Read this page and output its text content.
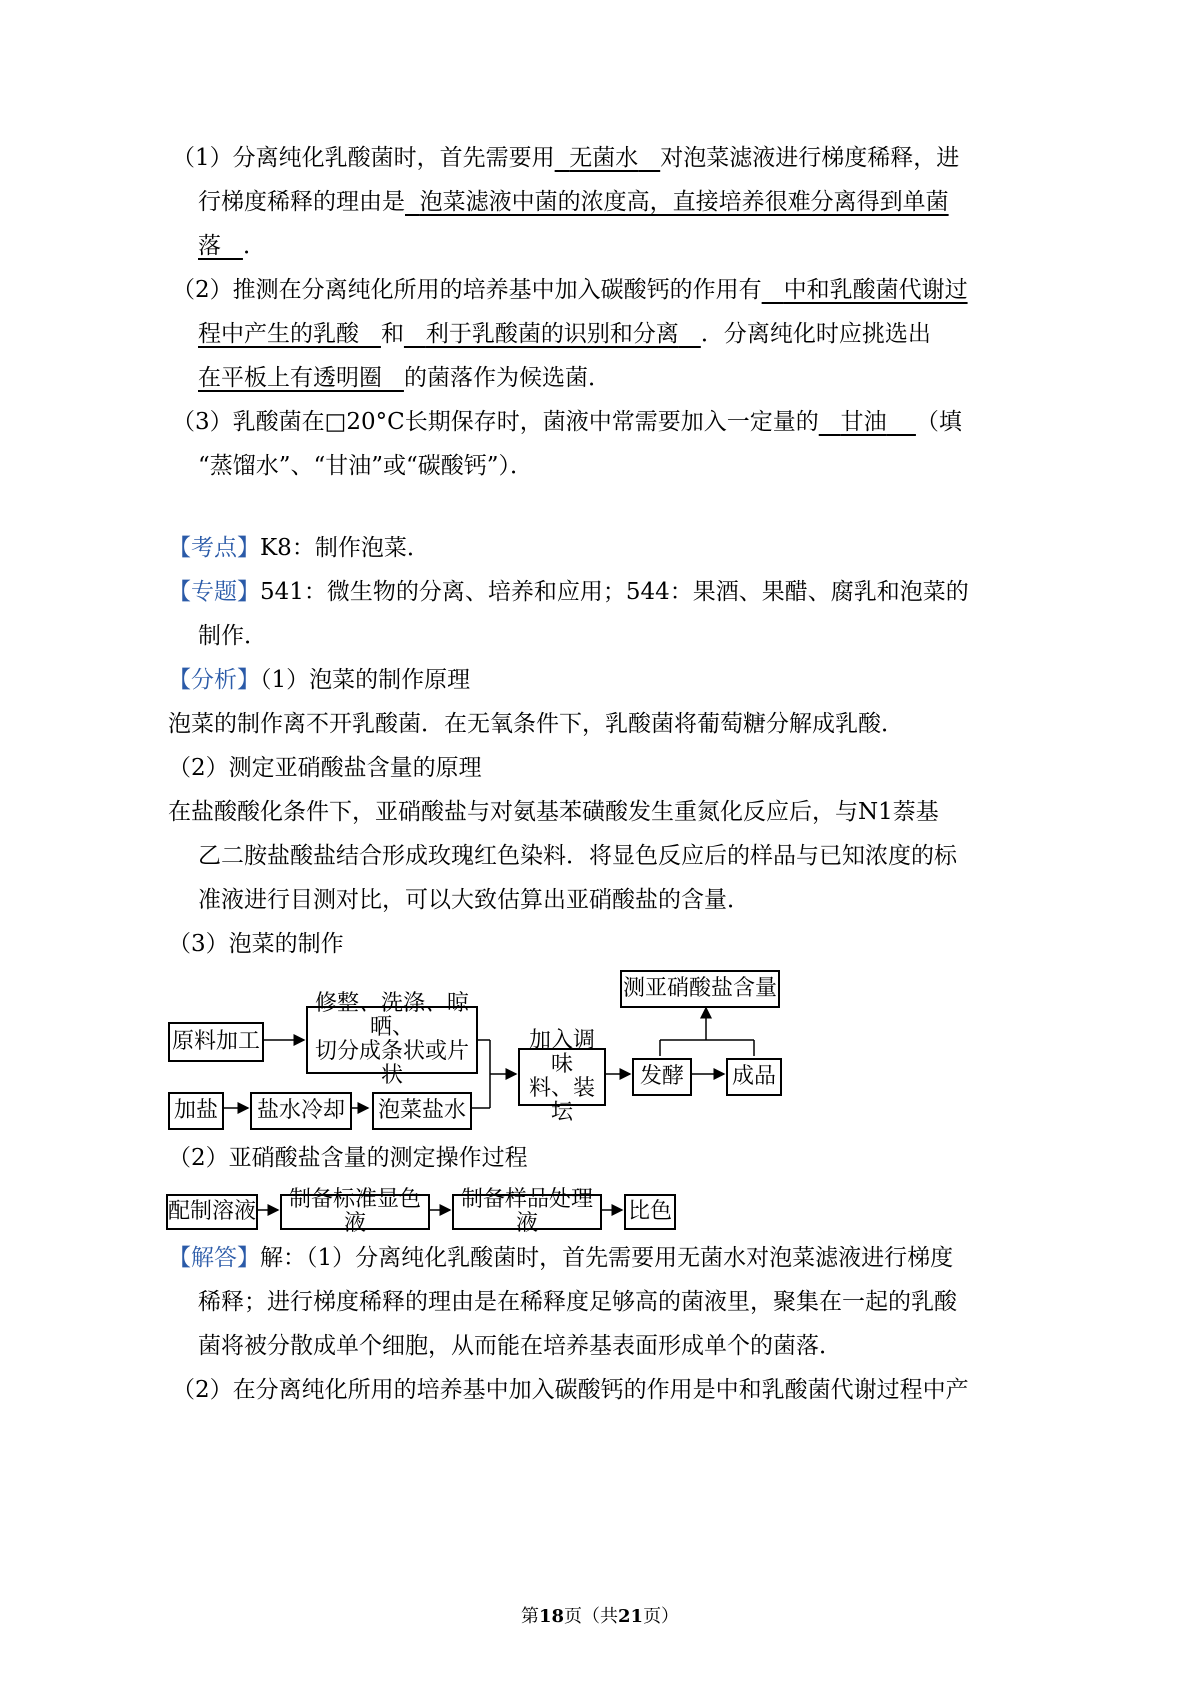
（1）分离纯化乳酸菌时，首先需要用 无菌水 对泡菜滤液进行梯度稀释，进
行梯度稀释的理由是 泡菜滤液中菌的浓度高，直接培养很难分离得到单菌
落 ．
（2）推测在分离纯化所用的培养基中加入碳酸钙的作用有 中和乳酸菌代谢过
程中产生的乳酸 和 利于乳酸菌的识别和分离 ．分离纯化时应挑选出
在平板上有透明圈 的菌落作为候选菌．
（3）乳酸菌在□20°C长期保存时，菌液中常需要加入一定量的 甘油 （填
“蒸馏水”、“甘油”或“碳酸钙”）．
【考点】K8：制作泡菜．
【专题】541：微生物的分离、培养和应用；544：果酒、果醋、腐乳和泡菜的
制作．
【分析】（1）泡菜的制作原理
泡菜的制作离不开乳酸菌．在无氧条件下，乳酸菌将葡萄糖分解成乳酸．
（2）测定亚硝酸盐含量的原理
在盐酸酸化条件下，亚硝酸盐与对氨基苯磺酸发生重氮化反应后，与N1萘基
乙二胺盐酸盐结合形成玫瑰红色染料．将显色反应后的样品与已知浓度的标
准液进行目测对比，可以大致估算出亚硝酸盐的含量．
（3）泡菜的制作
原料加工
修整、洗涤、晾晒、
切分成条状或片状
加盐	盐水冷却	泡菜盐水
加入调味
料、装坛
发酵	成品
测亚硝酸盐含量
（2）亚硝酸盐含量的测定操作过程
配制溶液	制备标准显色液
制备样品处理液	比色
【解答】解：（1）分离纯化乳酸菌时，首先需要用无菌水对泡菜滤液进行梯度
稀释；进行梯度稀释的理由是在稀释度足够高的菌液里，聚集在一起的乳酸
菌将被分散成单个细胞，从而能在培养基表面形成单个的菌落．
（2）在分离纯化所用的培养基中加入碳酸钙的作用是中和乳酸菌代谢过程中产
第18页（共21页）
